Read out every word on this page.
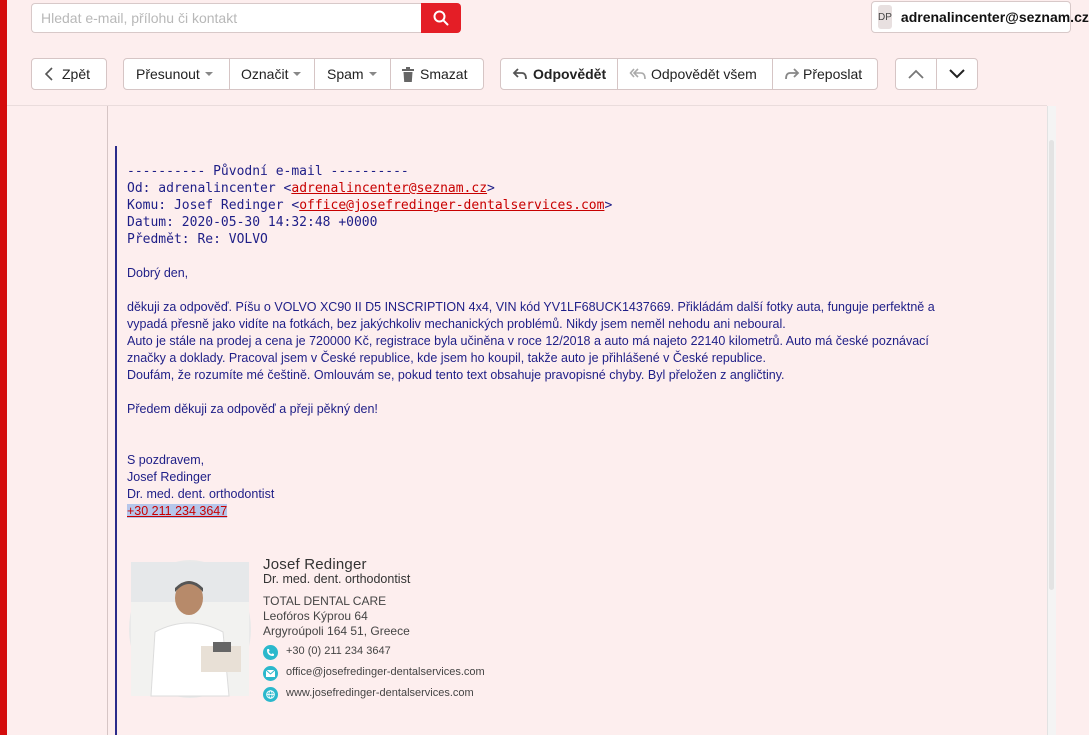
Hledat e-mail, přílohu či kontakt
DP adrenalincenter@seznam.cz
Zpět	Přesunout	Označit	Spam	Smazat	Odpovědět	Odpovědět všem	Přeposlat
---------- Původní e-mail ----------
Od: adrenalincenter <adrenalincenter@seznam.cz>
Komu: Josef Redinger <office@josefredinger-dentalservices.com>
Datum: 2020-05-30 14:32:48 +0000
Předmět: Re: VOLVO
Dobrý den,
děkuji za odpověď. Píšu o VOLVO XC90 II D5 INSCRIPTION 4x4, VIN kód YV1LF68UCK1437669. Přikládám další fotky auta, funguje perfektně a
vypadá přesně jako vidíte na fotkách, bez jakýchkoliv mechanických problémů. Nikdy jsem neměl nehodu ani neboural.
Auto je stále na prodej a cena je 720000 Kč, registrace byla učiněna v roce 12/2018 a auto má najeto 22140 kilometrů. Auto má české poznávací
značky a doklady. Pracoval jsem v České republice, kde jsem ho koupil, takže auto je přihlášené v České republice.
Doufám, že rozumíte mé češtině. Omlouvám se, pokud tento text obsahuje pravopisné chyby. Byl přeložen z angličtiny.
Předem děkuji za odpověď a přeji pěkný den!
S pozdravem,
Josef Redinger
Dr. med. dent. orthodontist
+30 211 234 3647
Josef Redinger
Dr. med. dent. orthodontist
TOTAL DENTAL CARE
Leofóros Kýprou 64
Argyroúpoli 164 51, Greece
+30 (0) 211 234 3647
office@josefredinger-dentalservices.com
www.josefredinger-dentalservices.com
